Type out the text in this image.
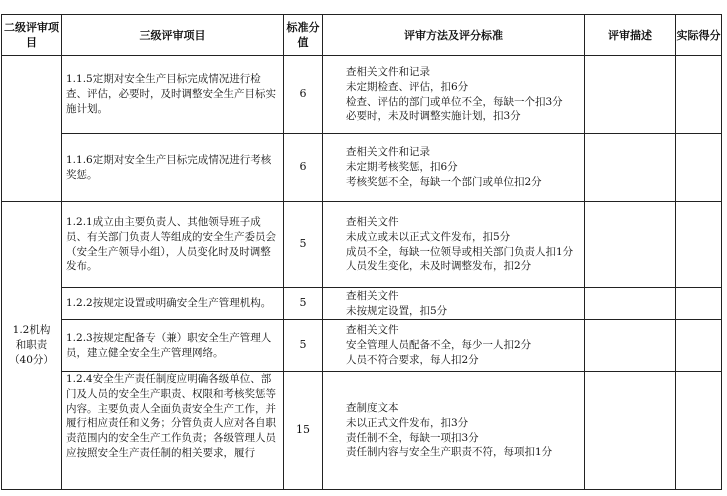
二级评审项目	三级评审项目	标准分值	评审方法及评分标准	评审描述	实际得分
	1.1.5定期对安全生产目标完成情况进行检查、评估，必要时，及时调整安全生产目标实施计划。	6	查相关文件和记录
未定期检查、评估，扣6分
检查、评估的部门或单位不全，每缺一个扣3分
必要时，未及时调整实施计划，扣3分		

	1.1.6定期对安全生产目标完成情况进行考核奖惩。	6	查相关文件和记录
未定期考核奖惩，扣6分
考核奖惩不全，每缺一个部门或单位扣2分		

1.2机构
和职责
（40分）	1.2.1成立由主要负责人、其他领导班子成员、有关部门负责人等组成的安全生产委员会（安全生产领导小组），人员变化时及时调整发布。	5	查相关文件
未成立或未以正式文件发布，扣5分
成员不全，每缺一位领导或相关部门负责人扣1分
人员发生变化，未及时调整发布，扣2分		

	1.2.2按规定设置或明确安全生产管理机构。	5	查相关文件
未按规定设置，扣5分		

	1.2.3按规定配备专（兼）职安全生产管理人员，建立健全安全生产管理网络。	5	查相关文件
安全管理人员配备不全，每少一人扣2分
人员不符合要求，每人扣2分		

	1.2.4安全生产责任制度应明确各级单位、部门及人员的安全生产职责、权限和考核奖惩等内容。主要负责人全面负责安全生产工作，并履行相应责任和义务；分管负责人应对各自职责范围内的安全生产工作负责；各级管理人员应按照安全生产责任制的相关要求，履行	15	查制度文本
未以正式文件发布，扣3分
责任制不全，每缺一项扣3分
责任制内容与安全生产职责不符，每项扣1分		
